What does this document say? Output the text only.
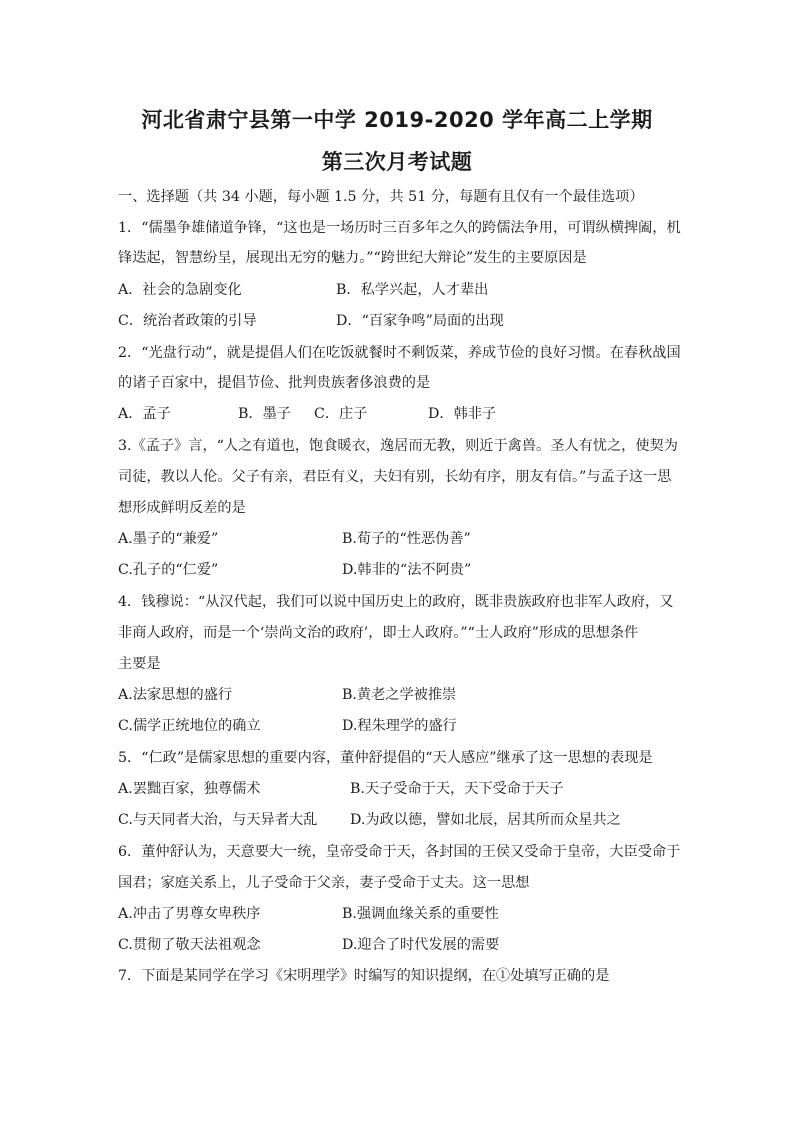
河北省肃宁县第一中学 2019-2020 学年高二上学期
第三次月考试题
一、选择题（共 34 小题，每小题 1.5 分，共 51 分，每题有且仅有一个最佳选项）
1．“儒墨争雄储道争锋，“这也是一场历时三百多年之久的跨儒法争用，可谓纵横捭阖，机
锋迭起，智慧纷呈，展现出无穷的魅力。”“跨世纪大辩论”发生的主要原因是
A．社会的急剧变化	B．私学兴起，人才辈出
C．统治者政策的引导	D．“百家争鸣”局面的出现
2．“光盘行动”，就是提倡人们在吃饭就餐时不剩饭菜，养成节俭的良好习惯。在春秋战国
的诸子百家中，提倡节俭、批判贵族奢侈浪费的是
A．孟子	B．墨子 C．庄子	D．韩非子
3.《孟子》言，“人之有道也，饱食暖衣，逸居而无教，则近于禽兽。圣人有忧之，使契为
司徒，教以人伦。父子有亲，君臣有义，夫妇有别，长幼有序，朋友有信。”与孟子这一思
想形成鲜明反差的是
A.墨子的“兼爱”	B.荀子的“性恶伪善”
C.孔子的“仁爱”	D.韩非的“法不阿贵”
4．钱穆说：“从汉代起，我们可以说中国历史上的政府，既非贵族政府也非军人政府，又
非商人政府，而是一个‘崇尚文治的政府’，即士人政府。”“士人政府”形成的思想条件
主要是
A.法家思想的盛行	B.黄老之学被推崇
C.儒学正统地位的确立	D.程朱理学的盛行
5．“仁政”是儒家思想的重要内容，董仲舒提倡的“天人感应”继承了这一思想的表现是
A.罢黜百家，独尊儒术	B.天子受命于天，天下受命于天子
C.与天同者大治，与天异者大乱 D.为政以德，譬如北辰，居其所而众星共之
6．董仲舒认为，天意要大一统，皇帝受命于天，各封国的王侯又受命于皇帝，大臣受命于
国君；家庭关系上，儿子受命于父亲，妻子受命于丈夫。这一思想
A.冲击了男尊女卑秩序	B.强调血缘关系的重要性
C.贯彻了敬天法祖观念	D.迎合了时代发展的需要
7．下面是某同学在学习《宋明理学》时编写的知识提纲，在①处填写正确的是
